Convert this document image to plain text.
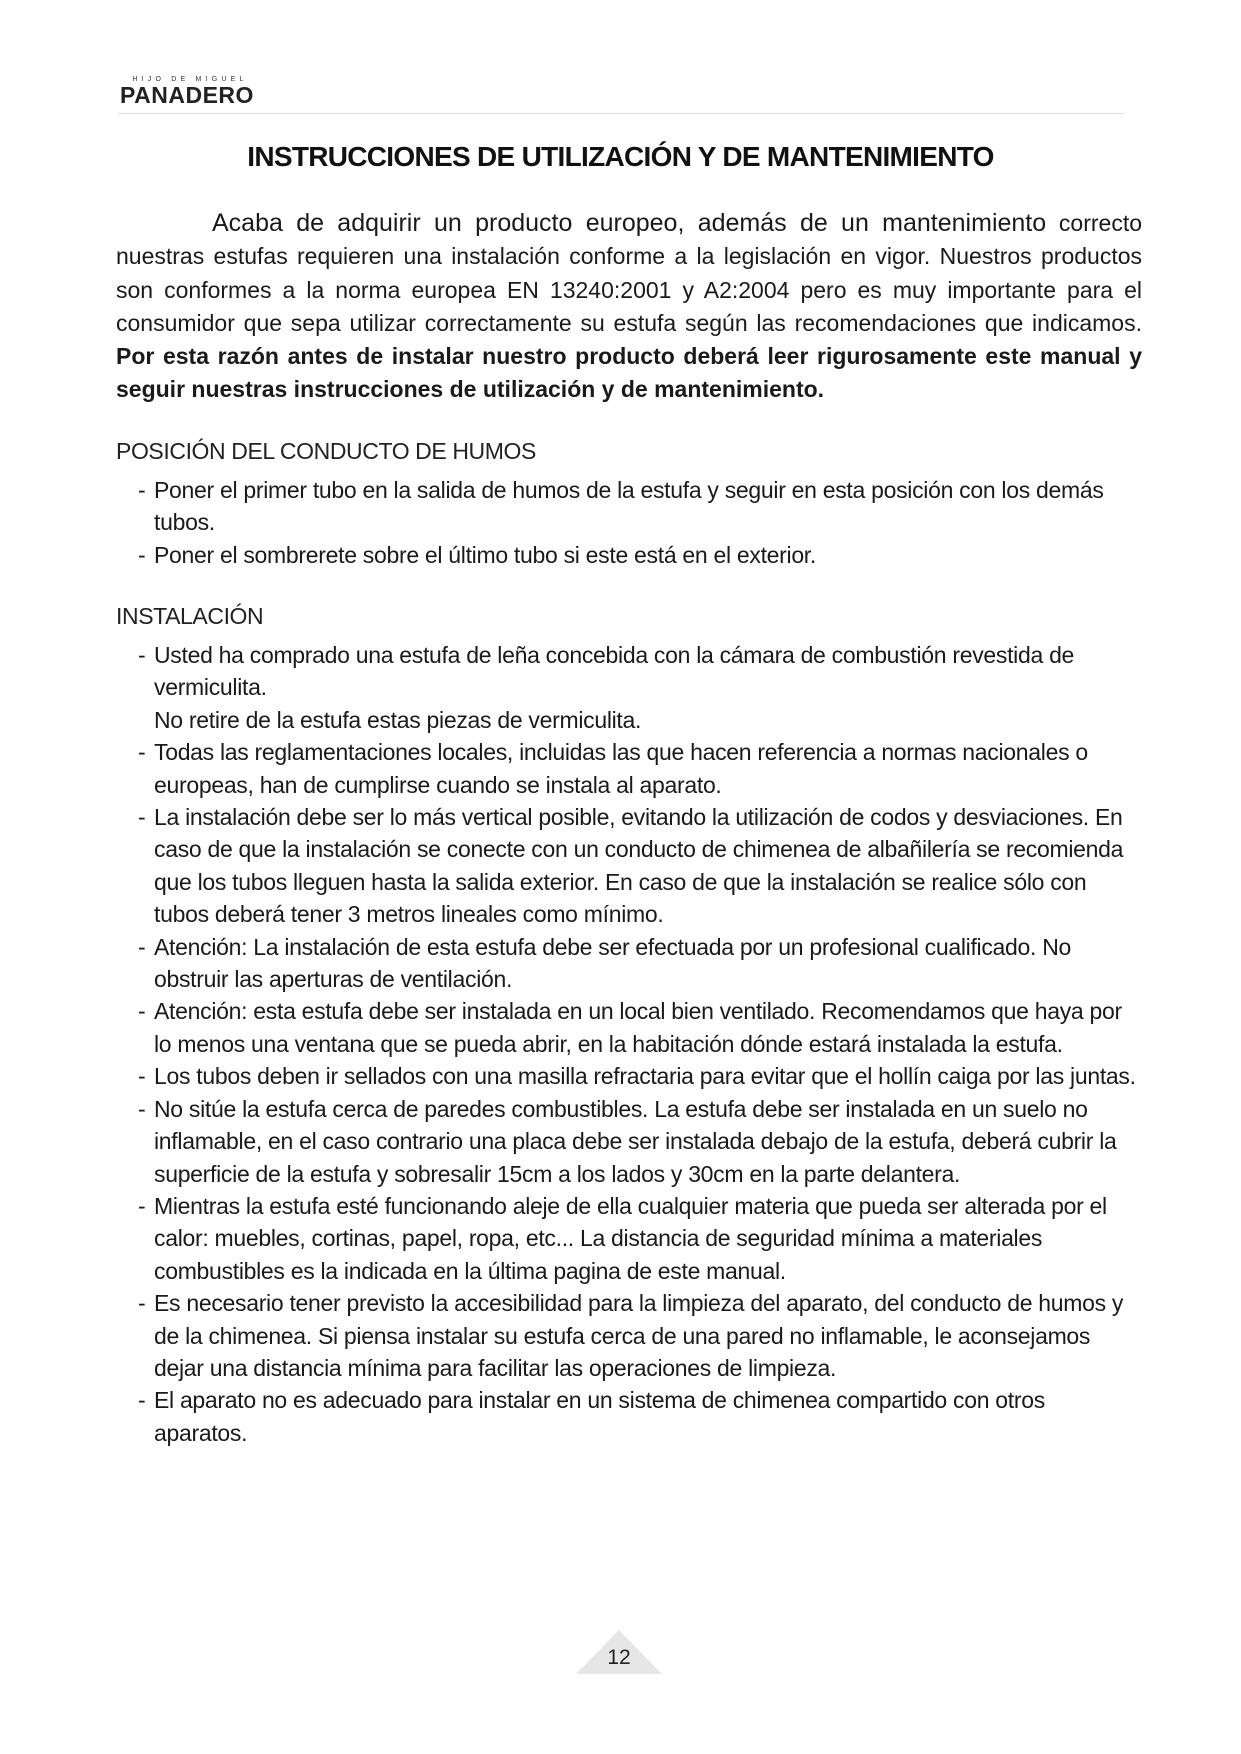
HIJO DE MIGUEL
PANADERO
INSTRUCCIONES DE UTILIZACIÓN Y DE MANTENIMIENTO

Acaba de adquirir un producto europeo, además de un mantenimiento correcto nuestras estufas requieren una instalación conforme a la legislación en vigor. Nuestros productos son conformes a la norma europea EN 13240:2001 y A2:2004 pero es muy importante para el consumidor que sepa utilizar correctamente su estufa según las recomendaciones que indicamos. Por esta razón antes de instalar nuestro producto deberá leer rigurosamente este manual y seguir nuestras instrucciones de utilización y de mantenimiento.

POSICIÓN DEL CONDUCTO DE HUMOS

- Poner el primer tubo en la salida de humos de la estufa y seguir en esta posición con los demás tubos.
- Poner el sombrerete sobre el último tubo si este está en el exterior.

INSTALACIÓN

- Usted ha comprado una estufa de leña concebida con la cámara de combustión revestida de vermiculita.
No retire de la estufa estas piezas de vermiculita.
- Todas las reglamentaciones locales, incluidas las que hacen referencia a normas nacionales o europeas, han de cumplirse cuando se instala al aparato.
- La instalación debe ser lo más vertical posible, evitando la utilización de codos y desviaciones. En caso de que la instalación se conecte con un conducto de chimenea de albañilería se recomienda que los tubos lleguen hasta la salida exterior. En caso de que la instalación se realice sólo con tubos deberá tener 3 metros lineales como mínimo.
- Atención: La instalación de esta estufa debe ser efectuada por un profesional cualificado. No obstruir las aperturas de ventilación.
- Atención: esta estufa debe ser instalada en un local bien ventilado. Recomendamos que haya por lo menos una ventana que se pueda abrir, en la habitación dónde estará instalada la estufa.
- Los tubos deben ir sellados con una masilla refractaria para evitar que el hollín caiga por las juntas.
- No sitúe la estufa cerca de paredes combustibles. La estufa debe ser instalada en un suelo no inflamable, en el caso contrario una placa debe ser instalada debajo de la estufa, deberá cubrir la superficie de la estufa y sobresalir 15cm a los lados y 30cm en la parte delantera.
- Mientras la estufa esté funcionando aleje de ella cualquier materia que pueda ser alterada por el calor: muebles, cortinas, papel, ropa, etc... La distancia de seguridad mínima a materiales combustibles es la indicada en la última pagina de este manual.
- Es necesario tener previsto la accesibilidad para la limpieza del aparato, del conducto de humos y de la chimenea. Si piensa instalar su estufa cerca de una pared no inflamable, le aconsejamos dejar una distancia mínima para facilitar las operaciones de limpieza.
- El aparato no es adecuado para instalar en un sistema de chimenea compartido con otros aparatos.
12
